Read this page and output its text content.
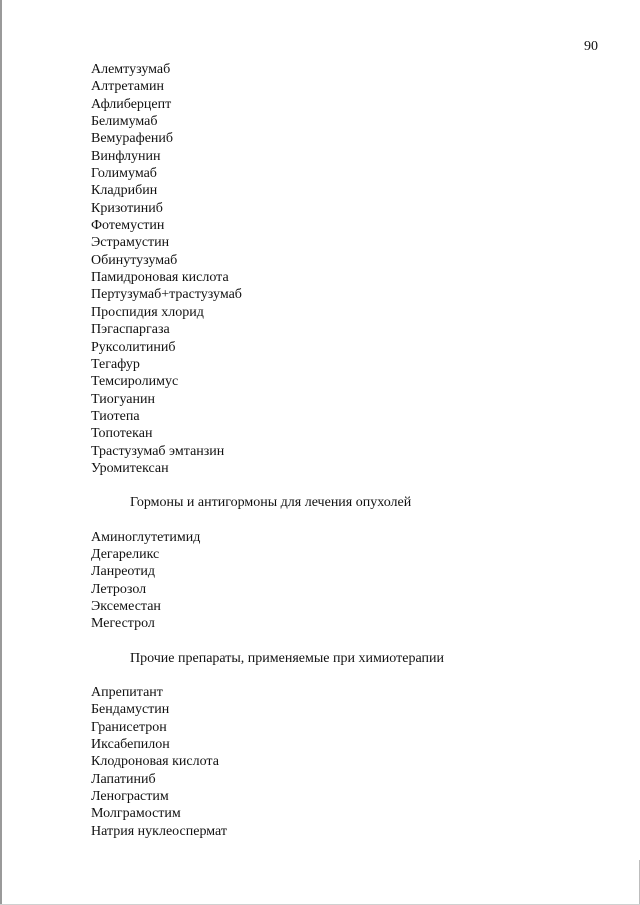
90
Алемтузумаб
Алтретамин
Афлиберцепт
Белимумаб
Вемурафениб
Винфлунин
Голимумаб
Кладрибин
Кризотиниб
Фотемустин
Эстрамустин
Обинутузумаб
Памидроновая кислота
Пертузумаб+трастузумаб
Проспидия хлорид
Пэгаспаргаза
Руксолитиниб
Тегафур
Темсиролимус
Тиогуанин
Тиотепа
Топотекан
Трастузумаб эмтанзин
Уромитексан

Гормоны и антигормоны для лечения опухолей

Аминоглутетимид
Дегареликс
Ланреотид
Летрозол
Эксеместан
Мегестрол

Прочие препараты, применяемые при химиотерапии

Апрепитант
Бендамустин
Гранисетрон
Иксабепилон
Клодроновая кислота
Лапатиниб
Ленограстим
Молграмостим
Натрия нуклеоспермат
